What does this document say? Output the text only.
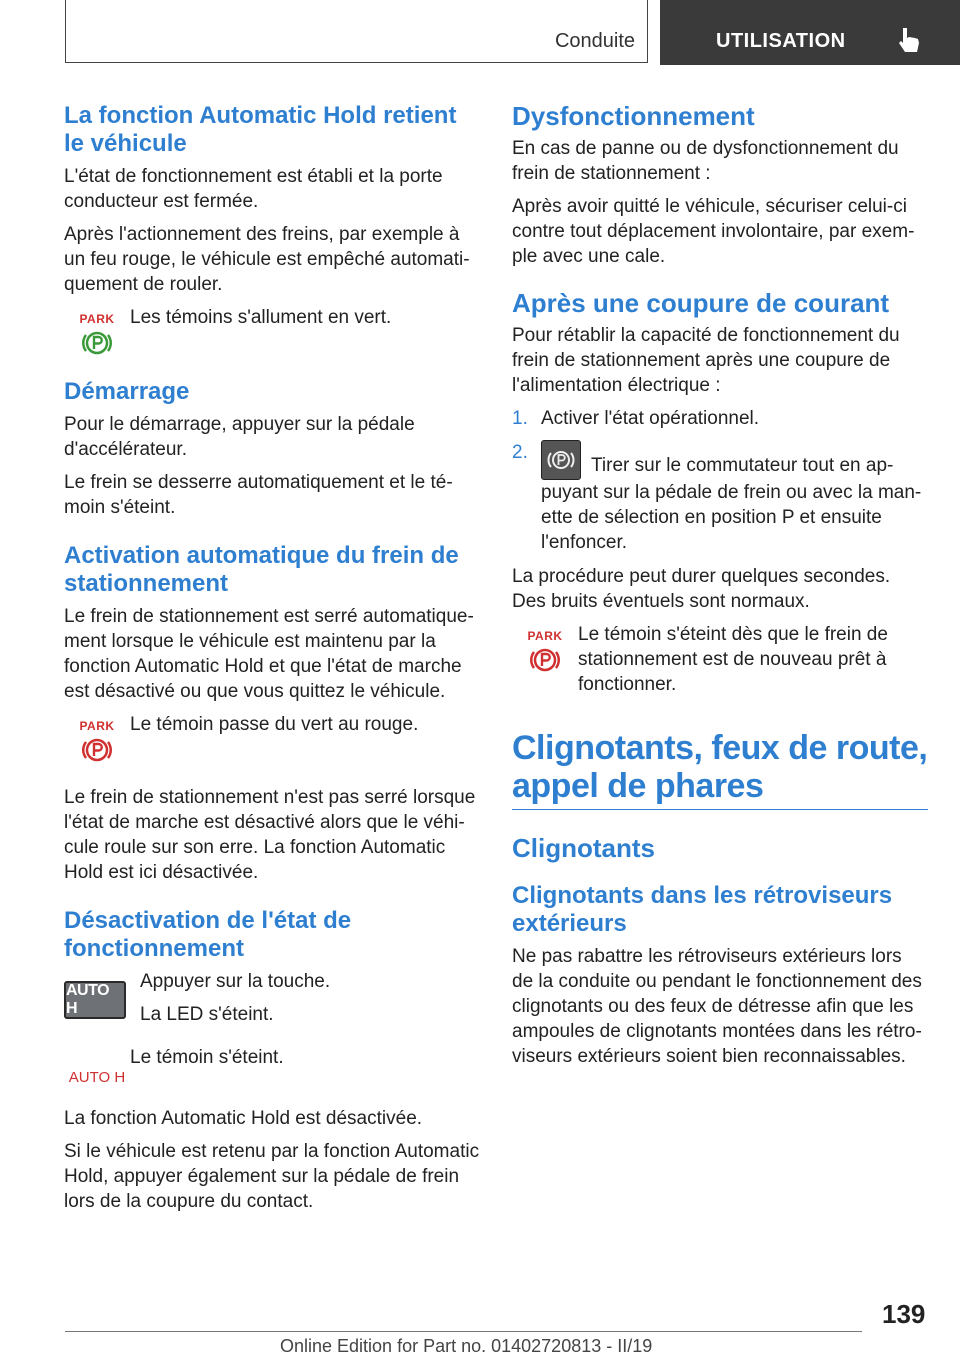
Conduite	UTILISATION
La fonction Automatic Hold retient le véhicule

L'état de fonctionnement est établi et la porte conducteur est fermée.

Après l'actionnement des freins, par exemple à un feu rouge, le véhicule est empêché automatiquement de rouler.

PARK Les témoins s'allument en vert.

Démarrage

Pour le démarrage, appuyer sur la pédale d'accélérateur.

Le frein se desserre automatiquement et le témoin s'éteint.

Activation automatique du frein de stationnement

Le frein de stationnement est serré automatiquement lorsque le véhicule est maintenu par la fonction Automatic Hold et que l'état de marche est désactivé ou que vous quittez le véhicule.

PARK Le témoin passe du vert au rouge.

Le frein de stationnement n'est pas serré lorsque l'état de marche est désactivé alors que le véhicule roule sur son erre. La fonction Automatic Hold est ici désactivée.

Désactivation de l'état de fonctionnement
AUTO H

Appuyer sur la touche.

La LED s'éteint.

AUTO H

Le témoin s'éteint.

La fonction Automatic Hold est désactivée.

Si le véhicule est retenu par la fonction Automatic Hold, appuyer également sur la pédale de frein lors de la coupure du contact.

Dysfonctionnement

En cas de panne ou de dysfonctionnement du frein de stationnement :

Après avoir quitté le véhicule, sécuriser celui-ci contre tout déplacement involontaire, par exemple avec une cale.

Après une coupure de courant

Pour rétablir la capacité de fonctionnement du frein de stationnement après une coupure de l'alimentation électrique :

1. Activer l'état opérationnel.
2.
Tirer sur le commutateur tout en appuyant sur la pédale de frein ou avec la manette de sélection en position P et ensuite l'enfoncer.

La procédure peut durer quelques secondes. Des bruits éventuels sont normaux.

PARK Le témoin s'éteint dès que le frein de stationnement est de nouveau prêt à fonctionner.

Clignotants, feux de route, appel de phares
Clignotants
Clignotants dans les rétroviseurs extérieurs

Ne pas rabattre les rétroviseurs extérieurs lors de la conduite ou pendant le fonctionnement des clignotants ou des feux de détresse afin que les ampoules de clignotants montées dans les rétroviseurs extérieurs soient bien reconnaissables.

139
Online Edition for Part no. 01402720813 - II/19
